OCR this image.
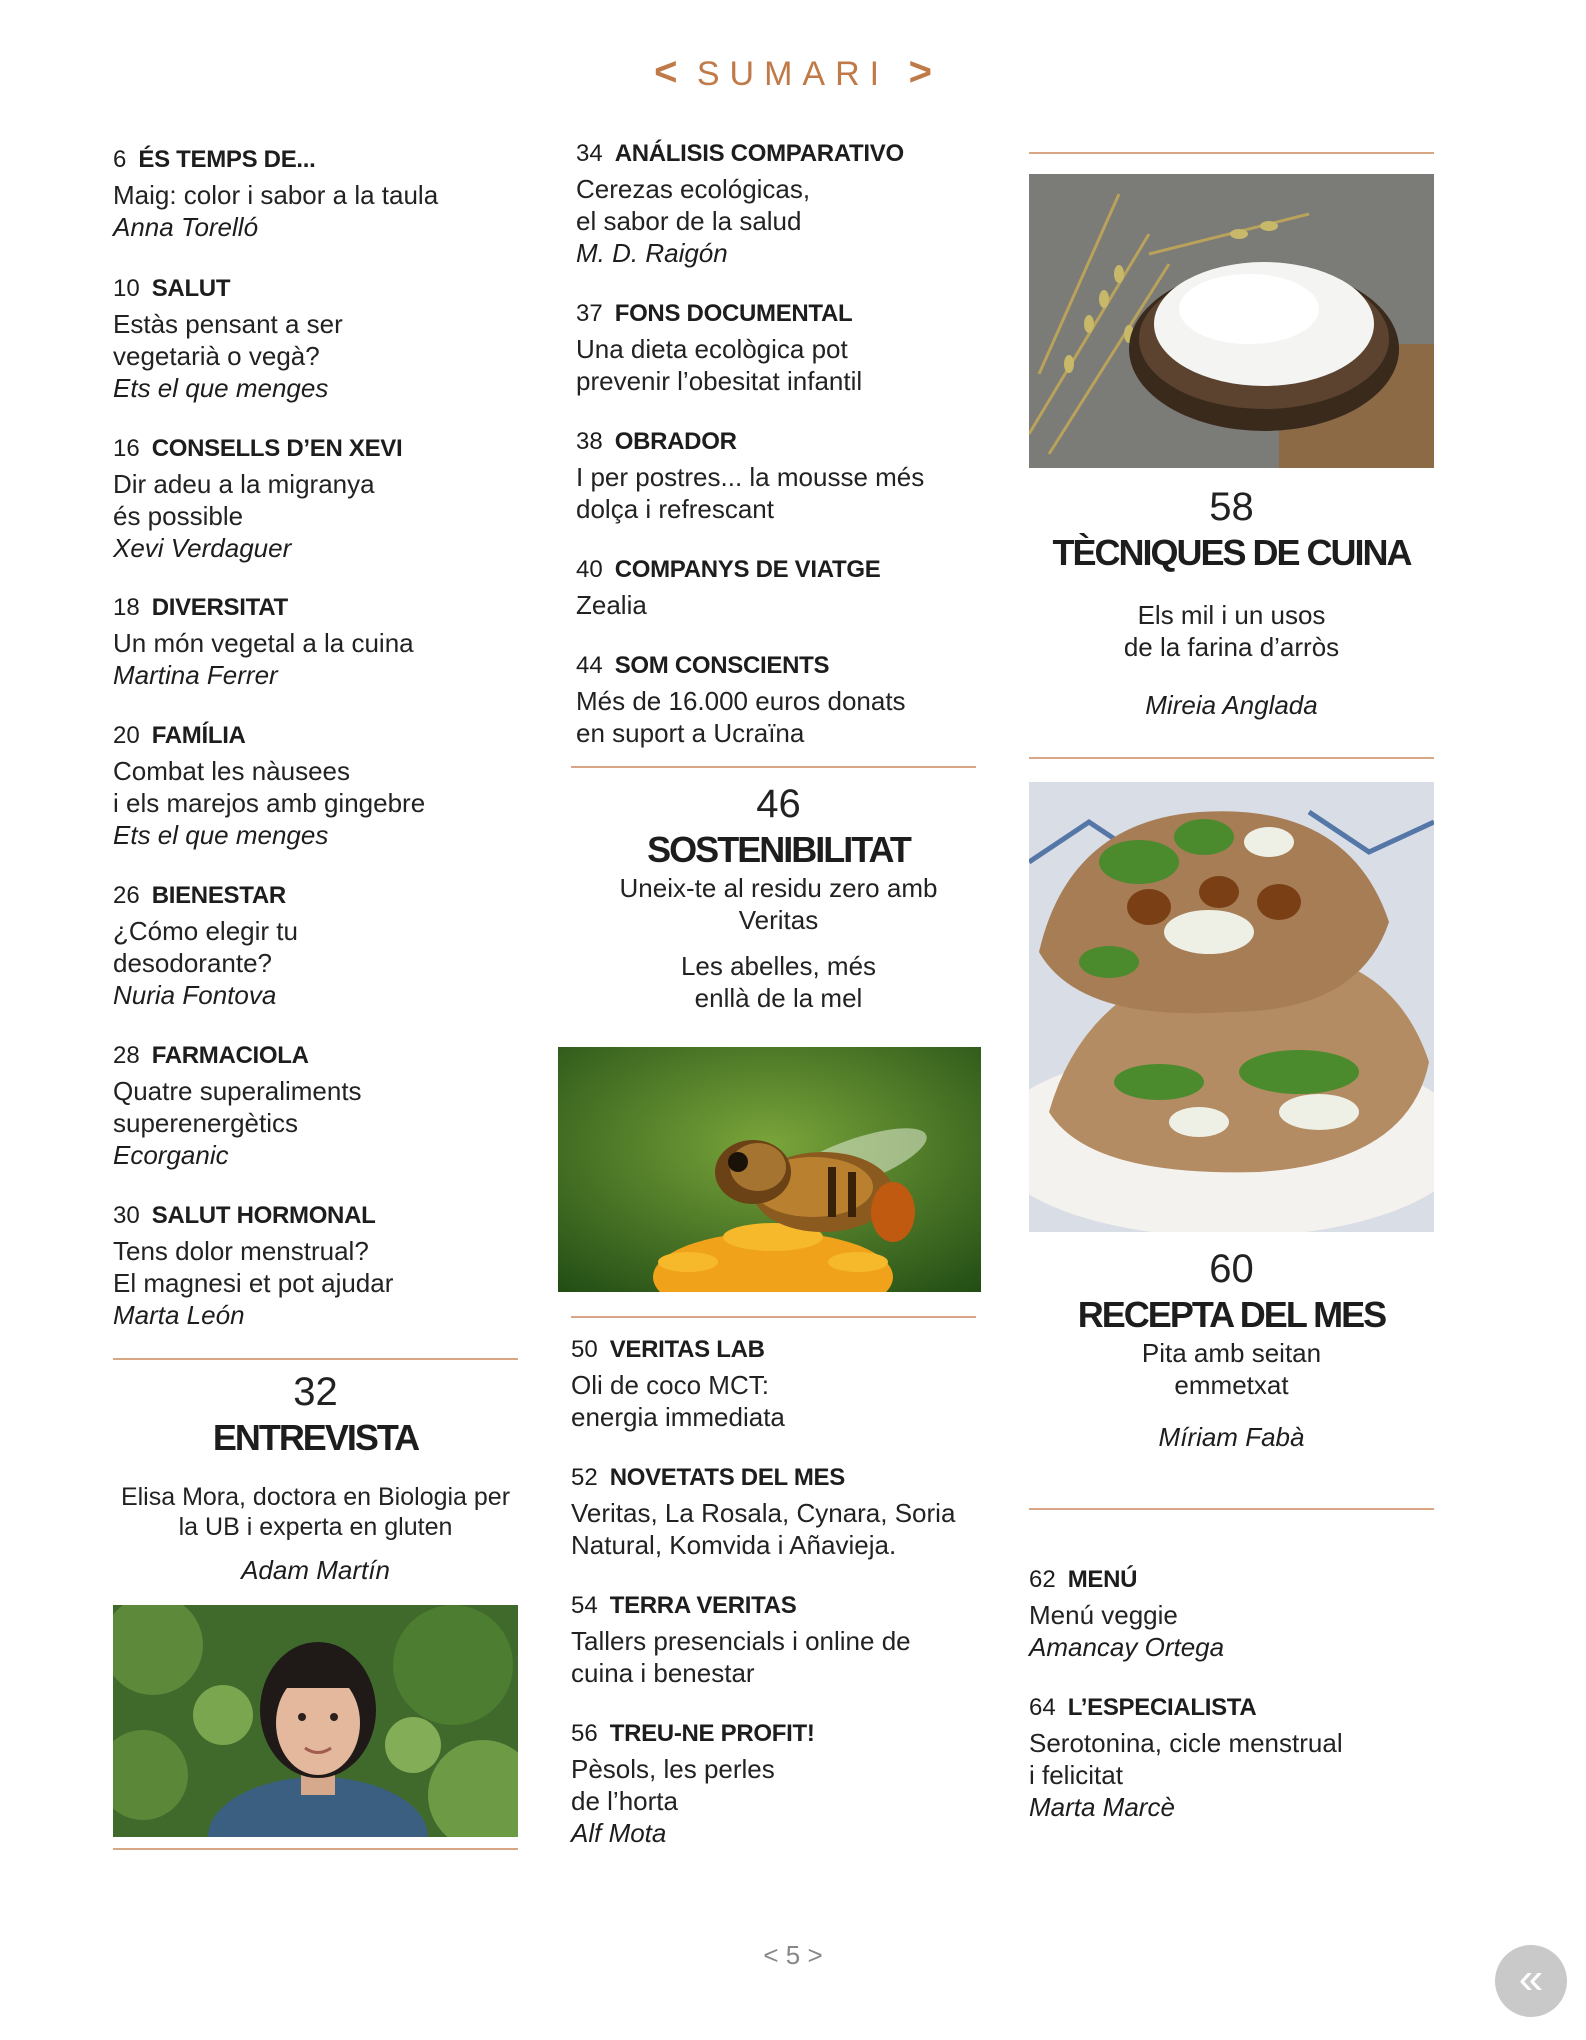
< SUMARI >
6 ÉS TEMPS DE...
Maig: color i sabor a la taula
Anna Torelló
10 SALUT
Estàs pensant a ser
vegetarià o vegà?
Ets el que menges
16 CONSELLS D’EN XEVI
Dir adeu a la migranya
és possible
Xevi Verdaguer
18 DIVERSITAT
Un món vegetal a la cuina
Martina Ferrer
20 FAMÍLIA
Combat les nàusees
i els marejos amb gingebre
Ets el que menges
26 BIENESTAR
¿Cómo elegir tu
desodorante?
Nuria Fontova
28 FARMACIOLA
Quatre superaliments
superenergètics
Ecorganic
30 SALUT HORMONAL
Tens dolor menstrual?
El magnesi et pot ajudar
Marta León
32
ENTREVISTA
Elisa Mora, doctora en Biologia per
la UB i experta en gluten
Adam Martín
34 ANÁLISIS COMPARATIVO
Cerezas ecológicas,
el sabor de la salud
M. D. Raigón
37 FONS DOCUMENTAL
Una dieta ecològica pot
prevenir l’obesitat infantil
38 OBRADOR
I per postres... la mousse més
dolça i refrescant
40 COMPANYS DE VIATGE
Zealia
44 SOM CONSCIENTS
Més de 16.000 euros donats
en suport a Ucraïna
46
SOSTENIBILITAT
Uneix-te al residu zero amb
Veritas
Les abelles, més
enllà de la mel
50 VERITAS LAB
Oli de coco MCT:
energia immediata
52 NOVETATS DEL MES
Veritas, La Rosala, Cynara, Soria
Natural, Komvida i Añavieja.
54 TERRA VERITAS
Tallers presencials i online de
cuina i benestar
56 TREU-NE PROFIT!
Pèsols, les perles
de l’horta
Alf Mota
58
TÈCNIQUES DE CUINA
Els mil i un usos
de la farina d’arròs
Mireia Anglada
60
RECEPTA DEL MES
Pita amb seitan
emmetxat
Míriam Fabà
62 MENÚ
Menú veggie
Amancay Ortega
64 L’ESPECIALISTA
Serotonina, cicle menstrual
i felicitat
Marta Marcè
< 5 >	«
